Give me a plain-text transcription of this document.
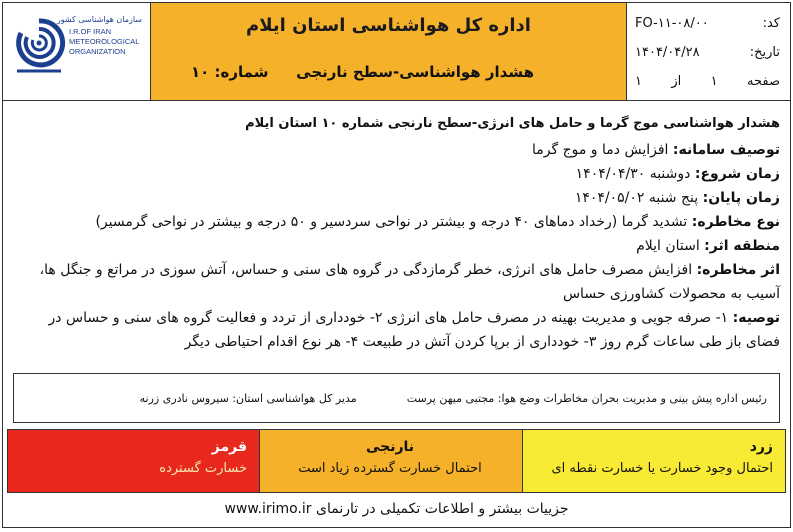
سازمان هواشناسی کشور
I.R.OF IRAN
METEOROLOGICAL
ORGANIZATION
اداره کل هواشناسی استان ایلام
هشدار هواشناسی-سطح نارنجی
شماره: ۱۰
کد:
FO-۱۱-۰۸/۰۰
تاریخ:
۱۴۰۴/۰۴/۲۸
صفحه
۱
از
۱
هشدار هواشناسی موج گرما و حامل های انرژی-سطح نارنجی شماره ۱۰ استان ایلام

توصیف سامانه: افزایش دما و موج گرما

زمان شروع: دوشنبه ۱۴۰۴/۰۴/۳۰

زمان پایان: پنج شنبه ۱۴۰۴/۰۵/۰۲

نوع مخاطره: تشدید گرما (رخداد دماهای ۴۰ درجه و بیشتر در نواحی سردسیر و ۵۰ درجه و بیشتر در نواحی گرمسیر)

منطقه اثر: استان ایلام

اثر مخاطره: افزایش مصرف حامل های انرژی، خطر گرمازدگی در گروه های سنی و حساس، آتش سوزی در مراتع و جنگل ها، آسیب به محصولات کشاورزی حساس

توصیه: ۱- صرفه جویی و مدیریت بهینه در مصرف حامل های انرژی ۲- خودداری از تردد و فعالیت گروه های سنی و حساس در فضای باز طی ساعات گرم روز ۳- خودداری از برپا کردن آتش در طبیعت ۴- هر نوع اقدام احتیاطی دیگر

رئیس اداره پیش بینی و مدیریت بحران مخاطرات وضع هوا: مجتبی میهن پرست
مدیر کل هواشناسی استان: سیروس نادری زرنه
زرد
احتمال وجود خسارت یا خسارت نقطه ای
نارنجی
احتمال خسارت گسترده زیاد است
قرمز
خسارت گسترده
جزییات بیشتر و اطلاعات تکمیلی در تارنمای www.irimo.ir
